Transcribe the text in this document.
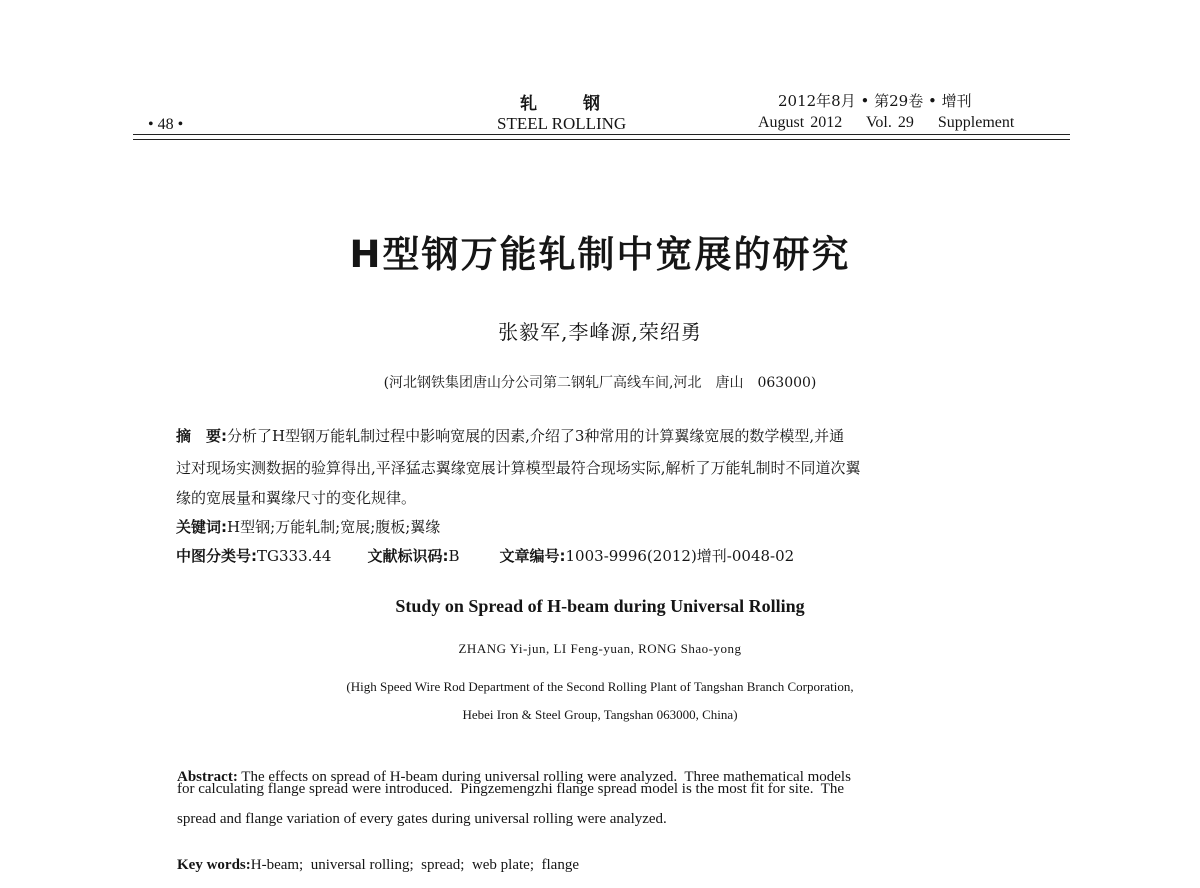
• 48 •
轧	钢
STEEL ROLLING
2012年8月 • 第29卷 • 增刊
August 2012    Vol. 29    Supplement
H型钢万能轧制中宽展的研究
张毅军,李峰源,荣绍勇
(河北钢铁集团唐山分公司第二钢轧厂高线车间,河北　唐山　063000)
摘　要:分析了H型钢万能轧制过程中影响宽展的因素,介绍了3种常用的计算翼缘宽展的数学模型,并通
过对现场实测数据的验算得出,平泽猛志翼缘宽展计算模型最符合现场实际,解析了万能轧制时不同道次翼
缘的宽展量和翼缘尺寸的变化规律。
关键词:H型钢;万能轧制;宽展;腹板;翼缘
中图分类号:TG333.44 文献标识码:B	文章编号:1003-9996(2012)增刊-0048-02
Study on Spread of H-beam during Universal Rolling
ZHANG Yi-jun, LI Feng-yuan, RONG Shao-yong
(High Speed Wire Rod Department of the Second Rolling Plant of Tangshan Branch Corporation,
Hebei Iron & Steel Group, Tangshan 063000, China)

Abstract: The effects on spread of H-beam during universal rolling were analyzed.  Three mathematical models
for calculating flange spread were introduced.  Pingzemengzhi flange spread model is the most fit for site.  The
spread and flange variation of every gates during universal rolling were analyzed.

Key words:H-beam;  universal rolling;  spread;  web plate;  flange
